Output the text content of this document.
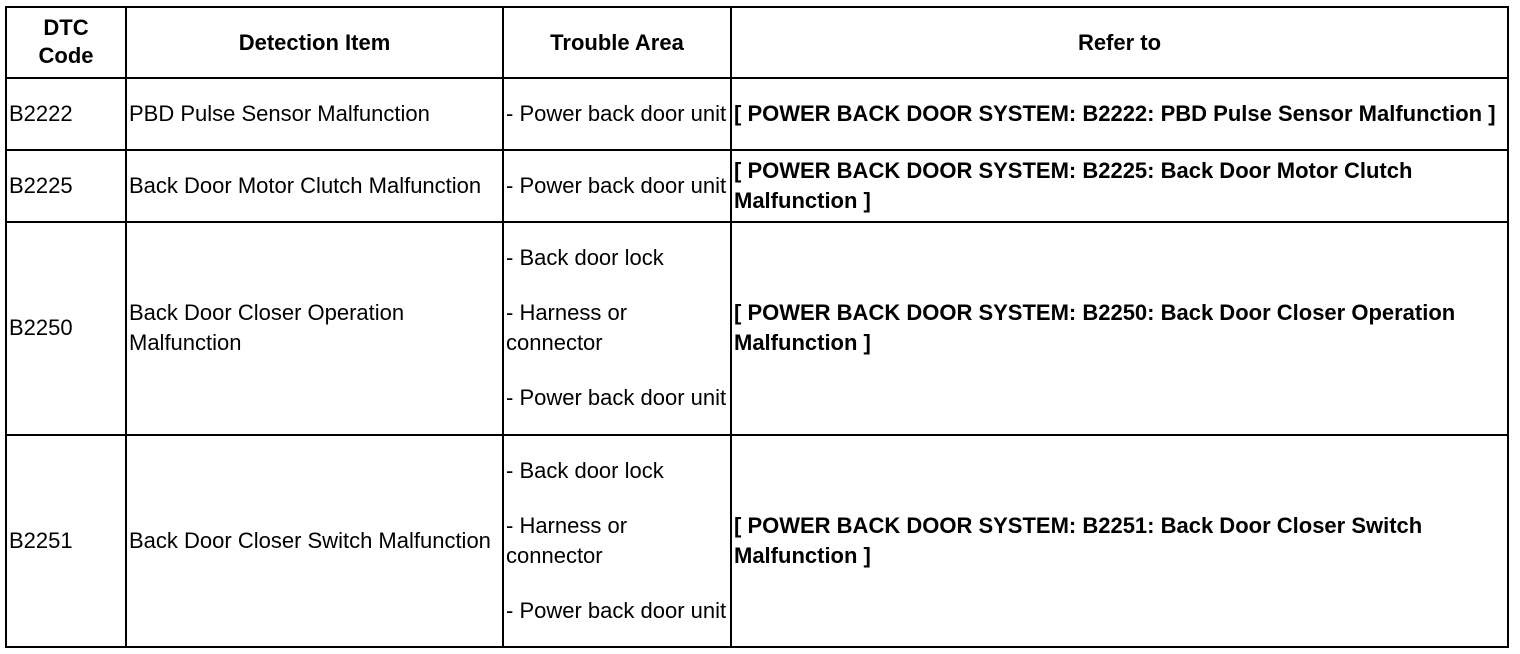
DTC
Code	Detection Item	Trouble Area	Refer to
B2222	PBD Pulse Sensor Malfunction	- Power back door unit	[ POWER BACK DOOR SYSTEM: B2222: PBD Pulse Sensor Malfunction ]
B2225	Back Door Motor Clutch Malfunction	- Power back door unit	[ POWER BACK DOOR SYSTEM: B2225: Back Door Motor Clutch Malfunction ]
B2250	Back Door Closer Operation Malfunction	- Back door lock
- Harness or connector
- Power back door unit	[ POWER BACK DOOR SYSTEM: B2250: Back Door Closer Operation Malfunction ]
B2251	Back Door Closer Switch Malfunction	- Back door lock
- Harness or connector
- Power back door unit	[ POWER BACK DOOR SYSTEM: B2251: Back Door Closer Switch Malfunction ]
